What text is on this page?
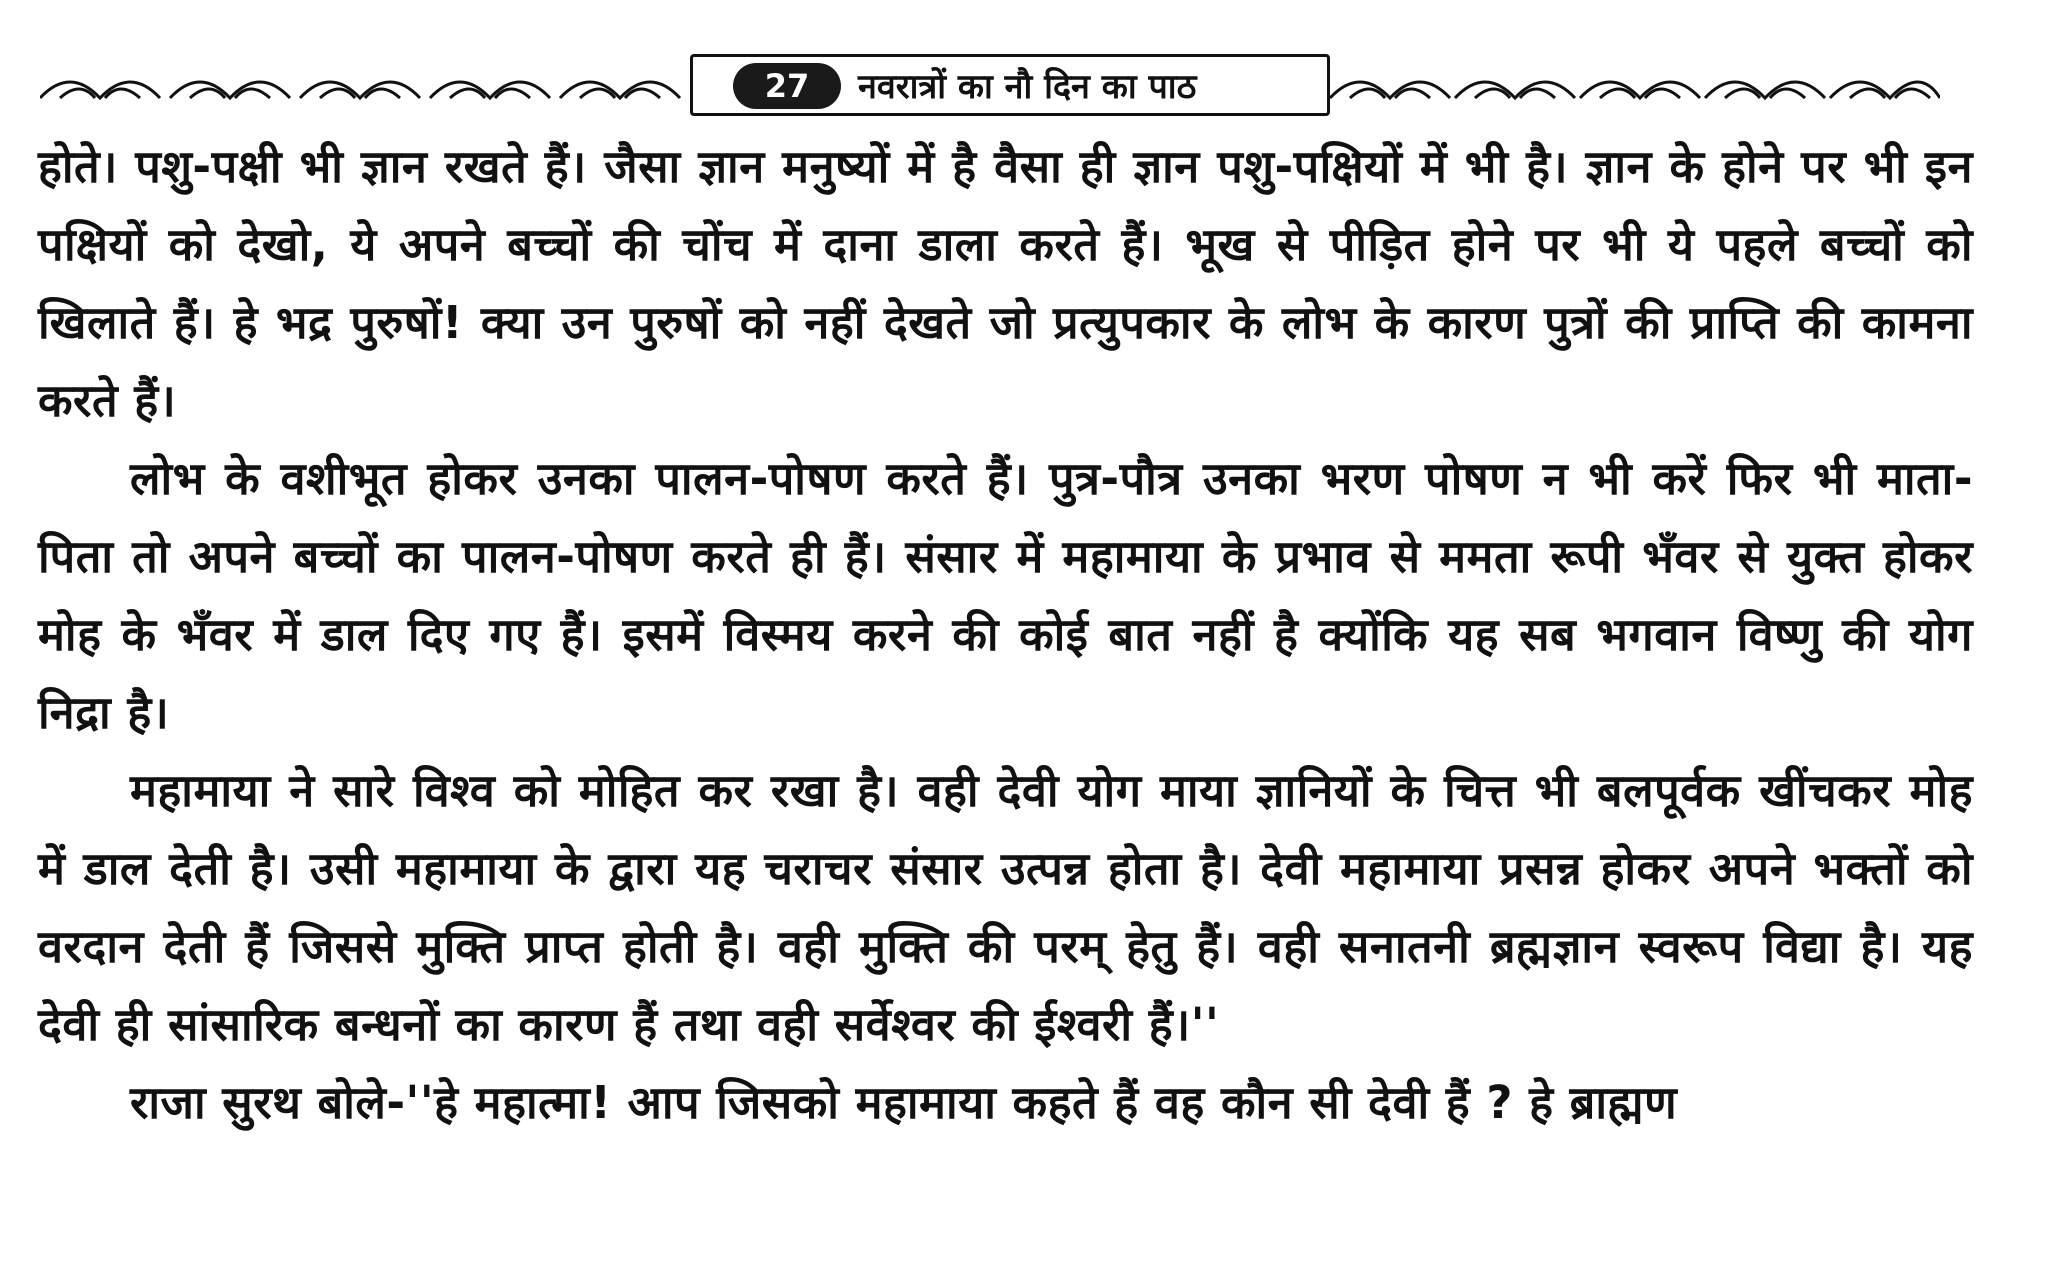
27	नवरात्रों का नौ दिन का पाठ

होते। पशु-पक्षी भी ज्ञान रखते हैं। जैसा ज्ञान मनुष्यों में है वैसा ही ज्ञान पशु-पक्षियों में भी है। ज्ञान के होने पर भी इन पक्षियों को देखो, ये अपने बच्चों की चोंच में दाना डाला करते हैं। भूख से पीड़ित होने पर भी ये पहले बच्चों को खिलाते हैं। हे भद्र पुरुषों! क्या उन पुरुषों को नहीं देखते जो प्रत्युपकार के लोभ के कारण पुत्रों की प्राप्ति की कामना करते हैं।

लोभ के वशीभूत होकर उनका पालन-पोषण करते हैं। पुत्र-पौत्र उनका भरण पोषण न भी करें फिर भी माता-पिता तो अपने बच्चों का पालन-पोषण करते ही हैं। संसार में महामाया के प्रभाव से ममता रूपी भँवर से युक्त होकर मोह के भँवर में डाल दिए गए हैं। इसमें विस्मय करने की कोई बात नहीं है क्योंकि यह सब भगवान विष्णु की योग निद्रा है।

महामाया ने सारे विश्व को मोहित कर रखा है। वही देवी योग माया ज्ञानियों के चित्त भी बलपूर्वक खींचकर मोह में डाल देती है। उसी महामाया के द्वारा यह चराचर संसार उत्पन्न होता है। देवी महामाया प्रसन्न होकर अपने भक्तों को वरदान देती हैं जिससे मुक्ति प्राप्त होती है। वही मुक्ति की परम् हेतु हैं। वही सनातनी ब्रह्मज्ञान स्वरूप विद्या है। यह देवी ही सांसारिक बन्धनों का कारण हैं तथा वही सर्वेश्वर की ईश्वरी हैं।''

राजा सुरथ बोले-''हे महात्मा! आप जिसको महामाया कहते हैं वह कौन सी देवी हैं ? हे ब्राह्मण
